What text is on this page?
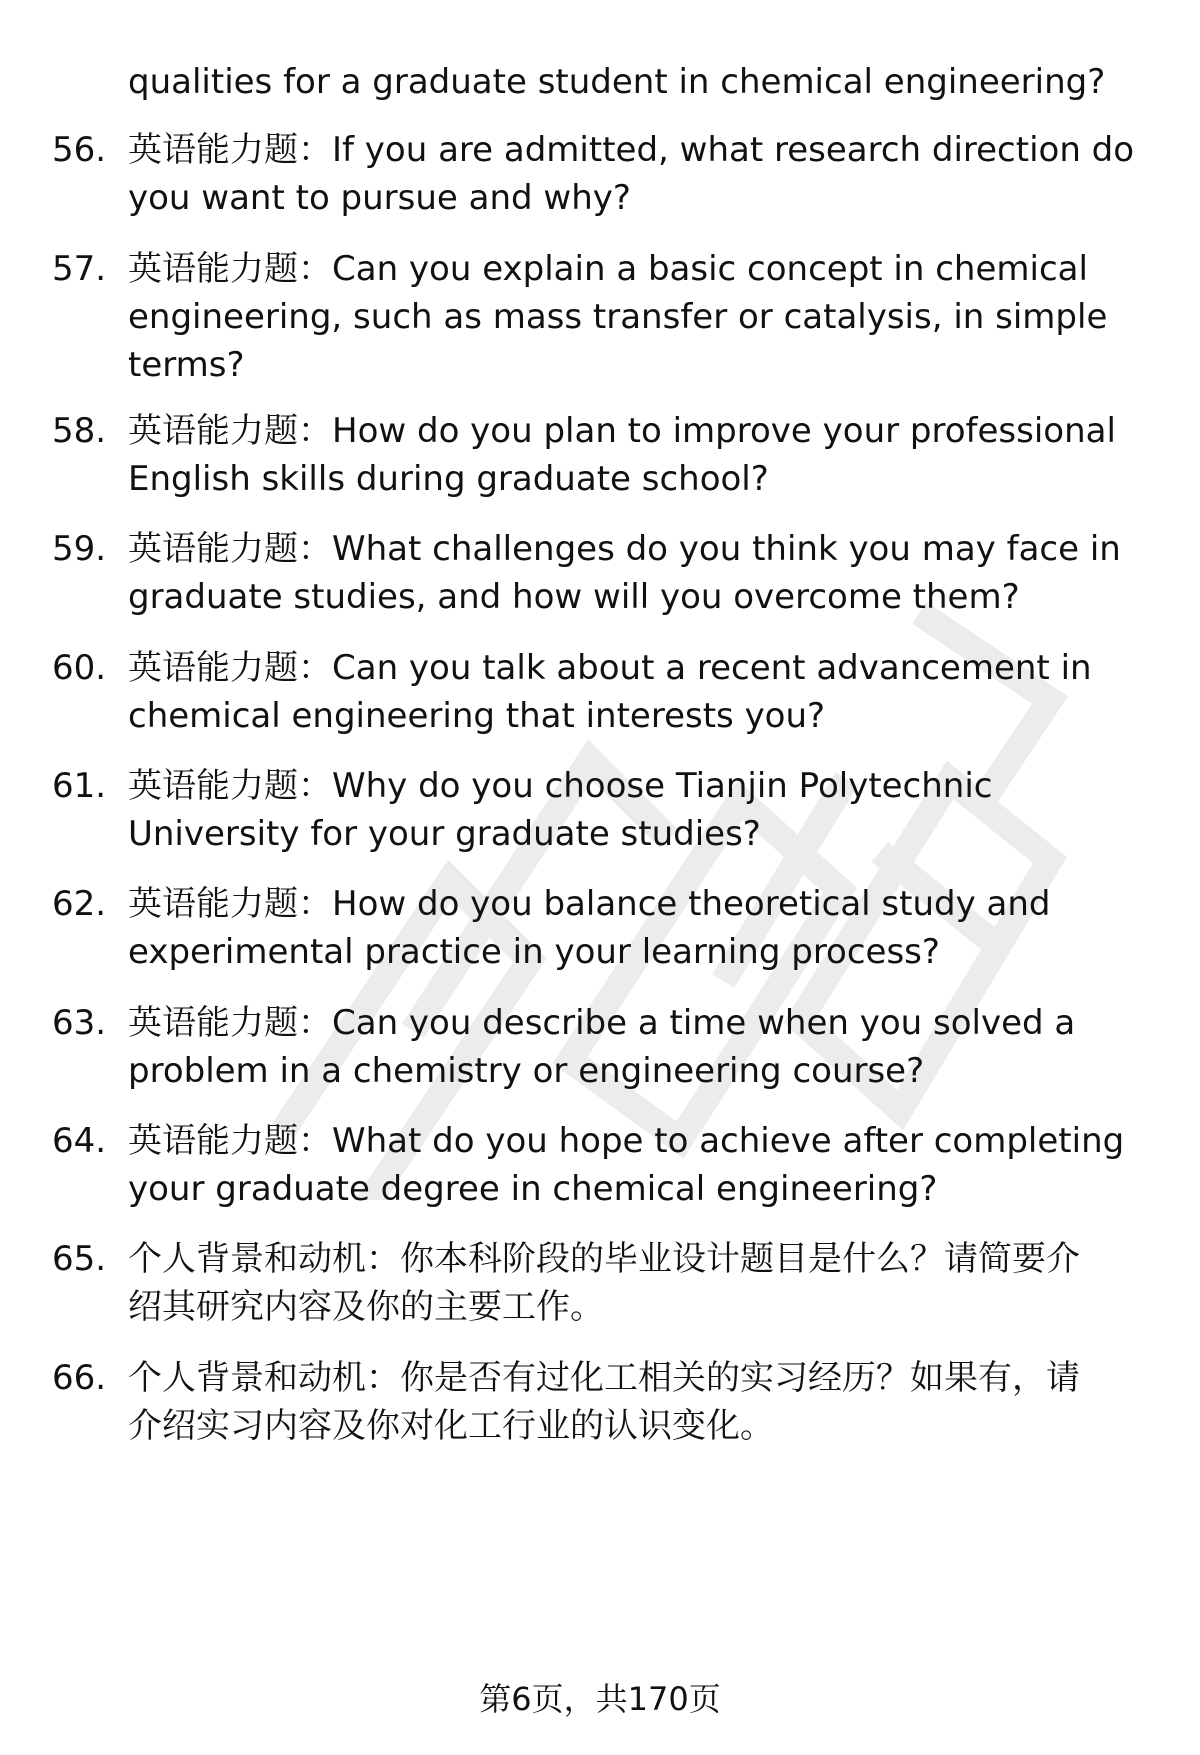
qualities for a graduate student in chemical engineering?
56. 英语能力题：If you are admitted, what research direction do
you want to pursue and why?
57. 英语能力题：Can you explain a basic concept in chemical
engineering, such as mass transfer or catalysis, in simple
terms?
58. 英语能力题：How do you plan to improve your professional
English skills during graduate school?
59. 英语能力题：What challenges do you think you may face in
graduate studies, and how will you overcome them?
60. 英语能力题：Can you talk about a recent advancement in
chemical engineering that interests you?
61. 英语能力题：Why do you choose Tianjin Polytechnic
University for your graduate studies?
62. 英语能力题：How do you balance theoretical study and
experimental practice in your learning process?
63. 英语能力题：Can you describe a time when you solved a
problem in a chemistry or engineering course?
64. 英语能力题：What do you hope to achieve after completing
your graduate degree in chemical engineering?
65. 个人背景和动机：你本科阶段的毕业设计题目是什么？请简要介
绍其研究内容及你的主要工作。
66. 个人背景和动机：你是否有过化工相关的实习经历？如果有，请
介绍实习内容及你对化工行业的认识变化。
第6页，共170页
